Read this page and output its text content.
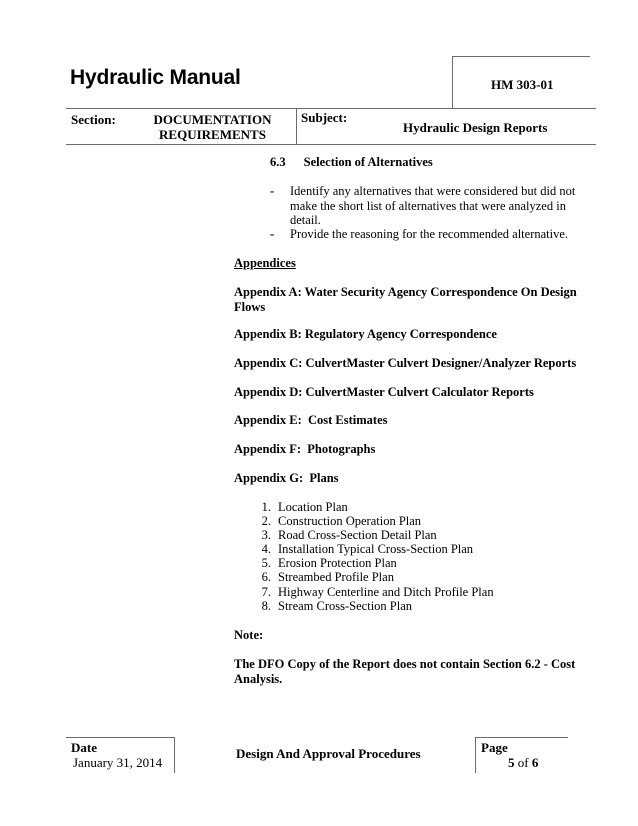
Hydraulic Manual	HM 303-01
Section:	DOCUMENTATION
REQUIREMENTS
Subject:
Hydraulic Design Reports
6.3 Selection of Alternatives
- Identify any alternatives that were considered but did not make the short list of alternatives that were analyzed in detail.
- Provide the reasoning for the recommended alternative.
Appendices
Appendix A: Water Security Agency Correspondence On Design Flows
Appendix B: Regulatory Agency Correspondence
Appendix C: CulvertMaster Culvert Designer/Analyzer Reports
Appendix D: CulvertMaster Culvert Calculator Reports
Appendix E:  Cost Estimates
Appendix F:  Photographs
Appendix G:  Plans
1. Location Plan
2. Construction Operation Plan
3. Road Cross-Section Detail Plan
4. Installation Typical Cross-Section Plan
5. Erosion Protection Plan
6. Streambed Profile Plan
7. Highway Centerline and Ditch Profile Plan
8. Stream Cross-Section Plan
Note:
The DFO Copy of the Report does not contain Section 6.2 - Cost Analysis.
Date
January 31, 2014
Design And Approval Procedures	Page
5 of 6
